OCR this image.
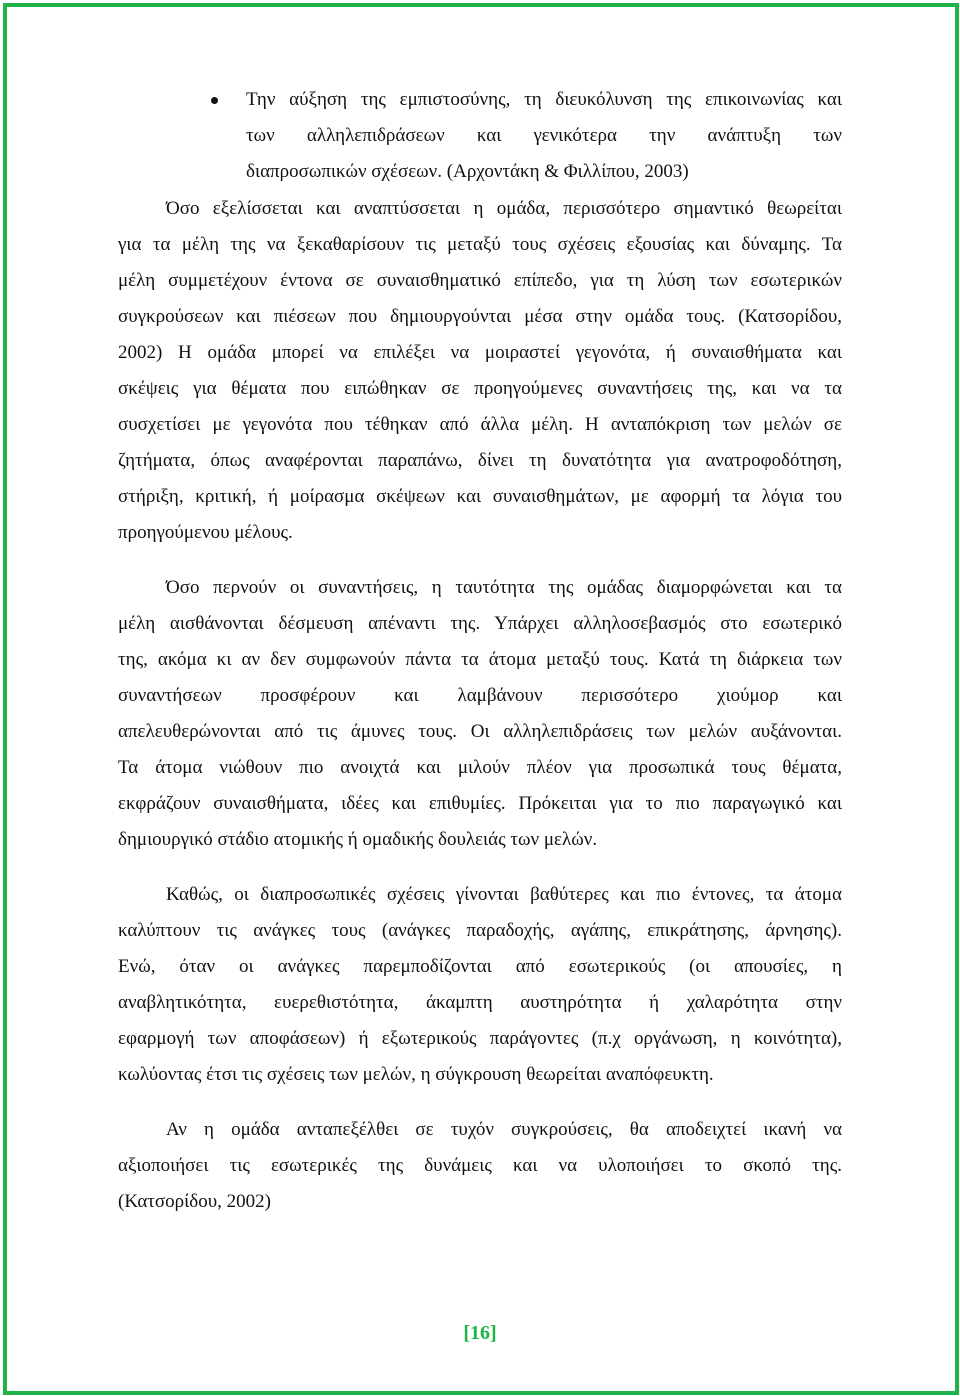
Την αύξηση της εμπιστοσύνης, τη διευκόλυνση της επικοινωνίας και
των αλληλεπιδράσεων και γενικότερα την ανάπτυξη των
διαπροσωπικών σχέσεων. (Αρχοντάκη & Φιλλίπου, 2003)
Όσο εξελίσσεται και αναπτύσσεται η ομάδα, περισσότερο σημαντικό θεωρείται
για τα μέλη της να ξεκαθαρίσουν τις μεταξύ τους σχέσεις εξουσίας και δύναμης. Τα
μέλη συμμετέχουν έντονα σε συναισθηματικό επίπεδο, για τη λύση των εσωτερικών
συγκρούσεων και πιέσεων που δημιουργούνται μέσα στην ομάδα τους. (Κατσορίδου,
2002) Η ομάδα μπορεί να επιλέξει να μοιραστεί γεγονότα, ή συναισθήματα και
σκέψεις για θέματα που ειπώθηκαν σε προηγούμενες συναντήσεις της, και να τα
συσχετίσει με γεγονότα που τέθηκαν από άλλα μέλη. Η ανταπόκριση των μελών σε
ζητήματα, όπως αναφέρονται παραπάνω, δίνει τη δυνατότητα για ανατροφοδότηση,
στήριξη, κριτική, ή μοίρασμα σκέψεων και συναισθημάτων, με αφορμή τα λόγια του
προηγούμενου μέλους.
Όσο περνούν οι συναντήσεις, η ταυτότητα της ομάδας διαμορφώνεται και τα
μέλη αισθάνονται δέσμευση απέναντι της. Υπάρχει αλληλοσεβασμός στο εσωτερικό
της, ακόμα κι αν δεν συμφωνούν πάντα τα άτομα μεταξύ τους. Κατά τη διάρκεια των
συναντήσεων προσφέρουν και λαμβάνουν περισσότερο χιούμορ και
απελευθερώνονται από τις άμυνες τους. Οι αλληλεπιδράσεις των μελών αυξάνονται.
Τα άτομα νιώθουν πιο ανοιχτά και μιλούν πλέον για προσωπικά τους θέματα,
εκφράζουν συναισθήματα, ιδέες και επιθυμίες. Πρόκειται για το πιο παραγωγικό και
δημιουργικό στάδιο ατομικής ή ομαδικής δουλειάς των μελών.
Καθώς, οι διαπροσωπικές σχέσεις γίνονται βαθύτερες και πιο έντονες, τα άτομα
καλύπτουν τις ανάγκες τους (ανάγκες παραδοχής, αγάπης, επικράτησης, άρνησης).
Ενώ, όταν οι ανάγκες παρεμποδίζονται από εσωτερικούς (οι απουσίες, η
αναβλητικότητα, ευερεθιστότητα, άκαμπτη αυστηρότητα ή χαλαρότητα στην
εφαρμογή των αποφάσεων) ή εξωτερικούς παράγοντες (π.χ οργάνωση, η κοινότητα),
κωλύοντας έτσι τις σχέσεις των μελών, η σύγκρουση θεωρείται αναπόφευκτη.
Αν η ομάδα ανταπεξέλθει σε τυχόν συγκρούσεις, θα αποδειχτεί ικανή να
αξιοποιήσει τις εσωτερικές της δυνάμεις και να υλοποιήσει το σκοπό της.
(Κατσορίδου, 2002)
[16]
